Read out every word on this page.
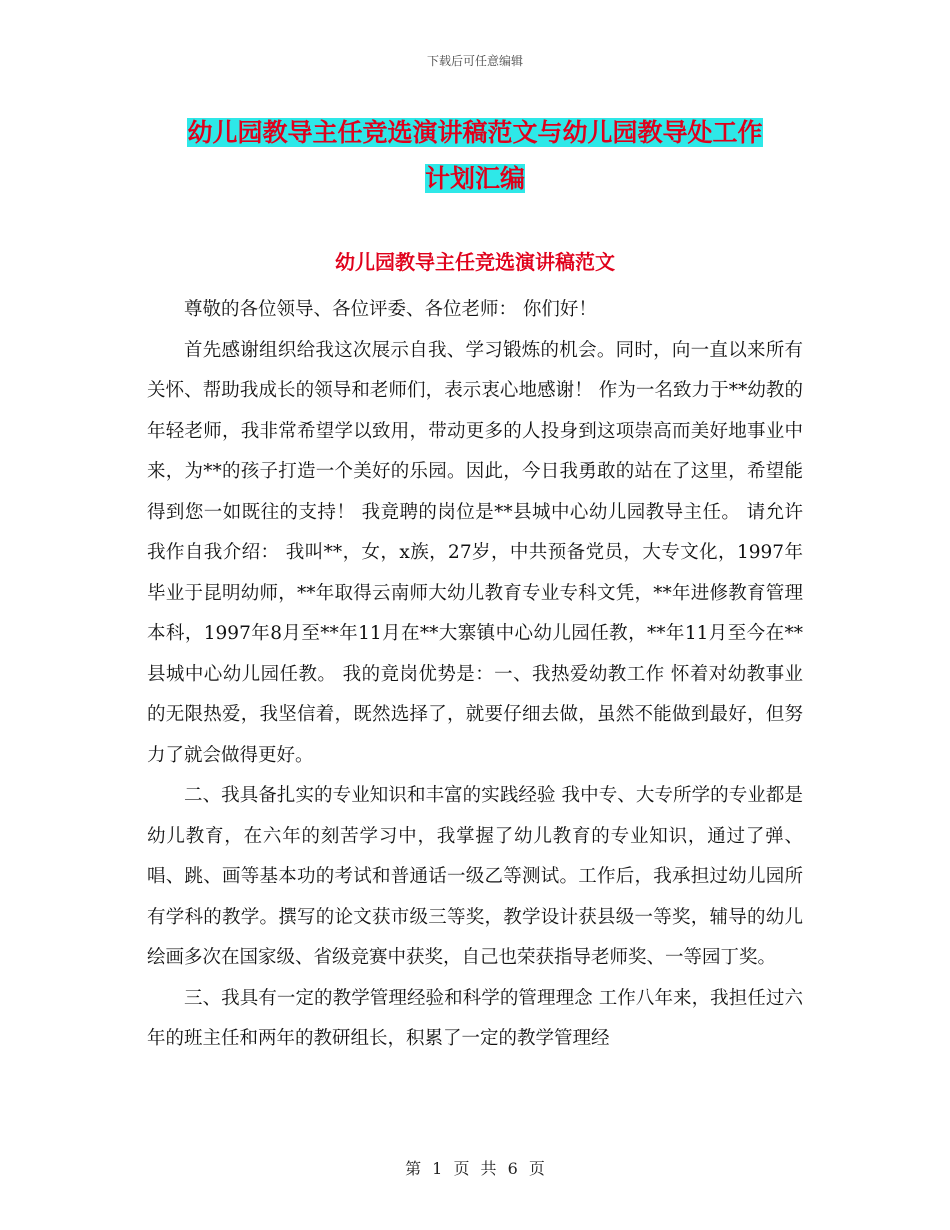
下载后可任意编辑
幼儿园教导主任竞选演讲稿范文与幼儿园教导处工作
计划汇编
幼儿园教导主任竞选演讲稿范文

尊敬的各位领导、各位评委、各位老师： 你们好！

首先感谢组织给我这次展示自我、学习锻炼的机会。同时，向一直以来所有关怀、帮助我成长的领导和老师们，表示衷心地感谢！ 作为一名致力于**幼教的年轻老师，我非常希望学以致用，带动更多的人投身到这项崇高而美好地事业中来，为**的孩子打造一个美好的乐园。因此，今日我勇敢的站在了这里，希望能得到您一如既往的支持！ 我竟聘的岗位是**县城中心幼儿园教导主任。 请允许我作自我介绍： 我叫**，女，x族，27岁，中共预备党员，大专文化，1997年毕业于昆明幼师，**年取得云南师大幼儿教育专业专科文凭，**年进修教育管理本科，1997年8月至**年11月在**大寨镇中心幼儿园任教，**年11月至今在**县城中心幼儿园任教。 我的竟岗优势是：一、我热爱幼教工作 怀着对幼教事业的无限热爱，我坚信着，既然选择了，就要仔细去做，虽然不能做到最好，但努力了就会做得更好。

二、我具备扎实的专业知识和丰富的实践经验 我中专、大专所学的专业都是幼儿教育，在六年的刻苦学习中，我掌握了幼儿教育的专业知识，通过了弹、唱、跳、画等基本功的考试和普通话一级乙等测试。工作后，我承担过幼儿园所有学科的教学。撰写的论文获市级三等奖，教学设计获县级一等奖，辅导的幼儿绘画多次在国家级、省级竞赛中获奖，自己也荣获指导老师奖、一等园丁奖。

三、我具有一定的教学管理经验和科学的管理理念 工作八年来，我担任过六年的班主任和两年的教研组长，积累了一定的教学管理经

第 1 页 共 6 页
